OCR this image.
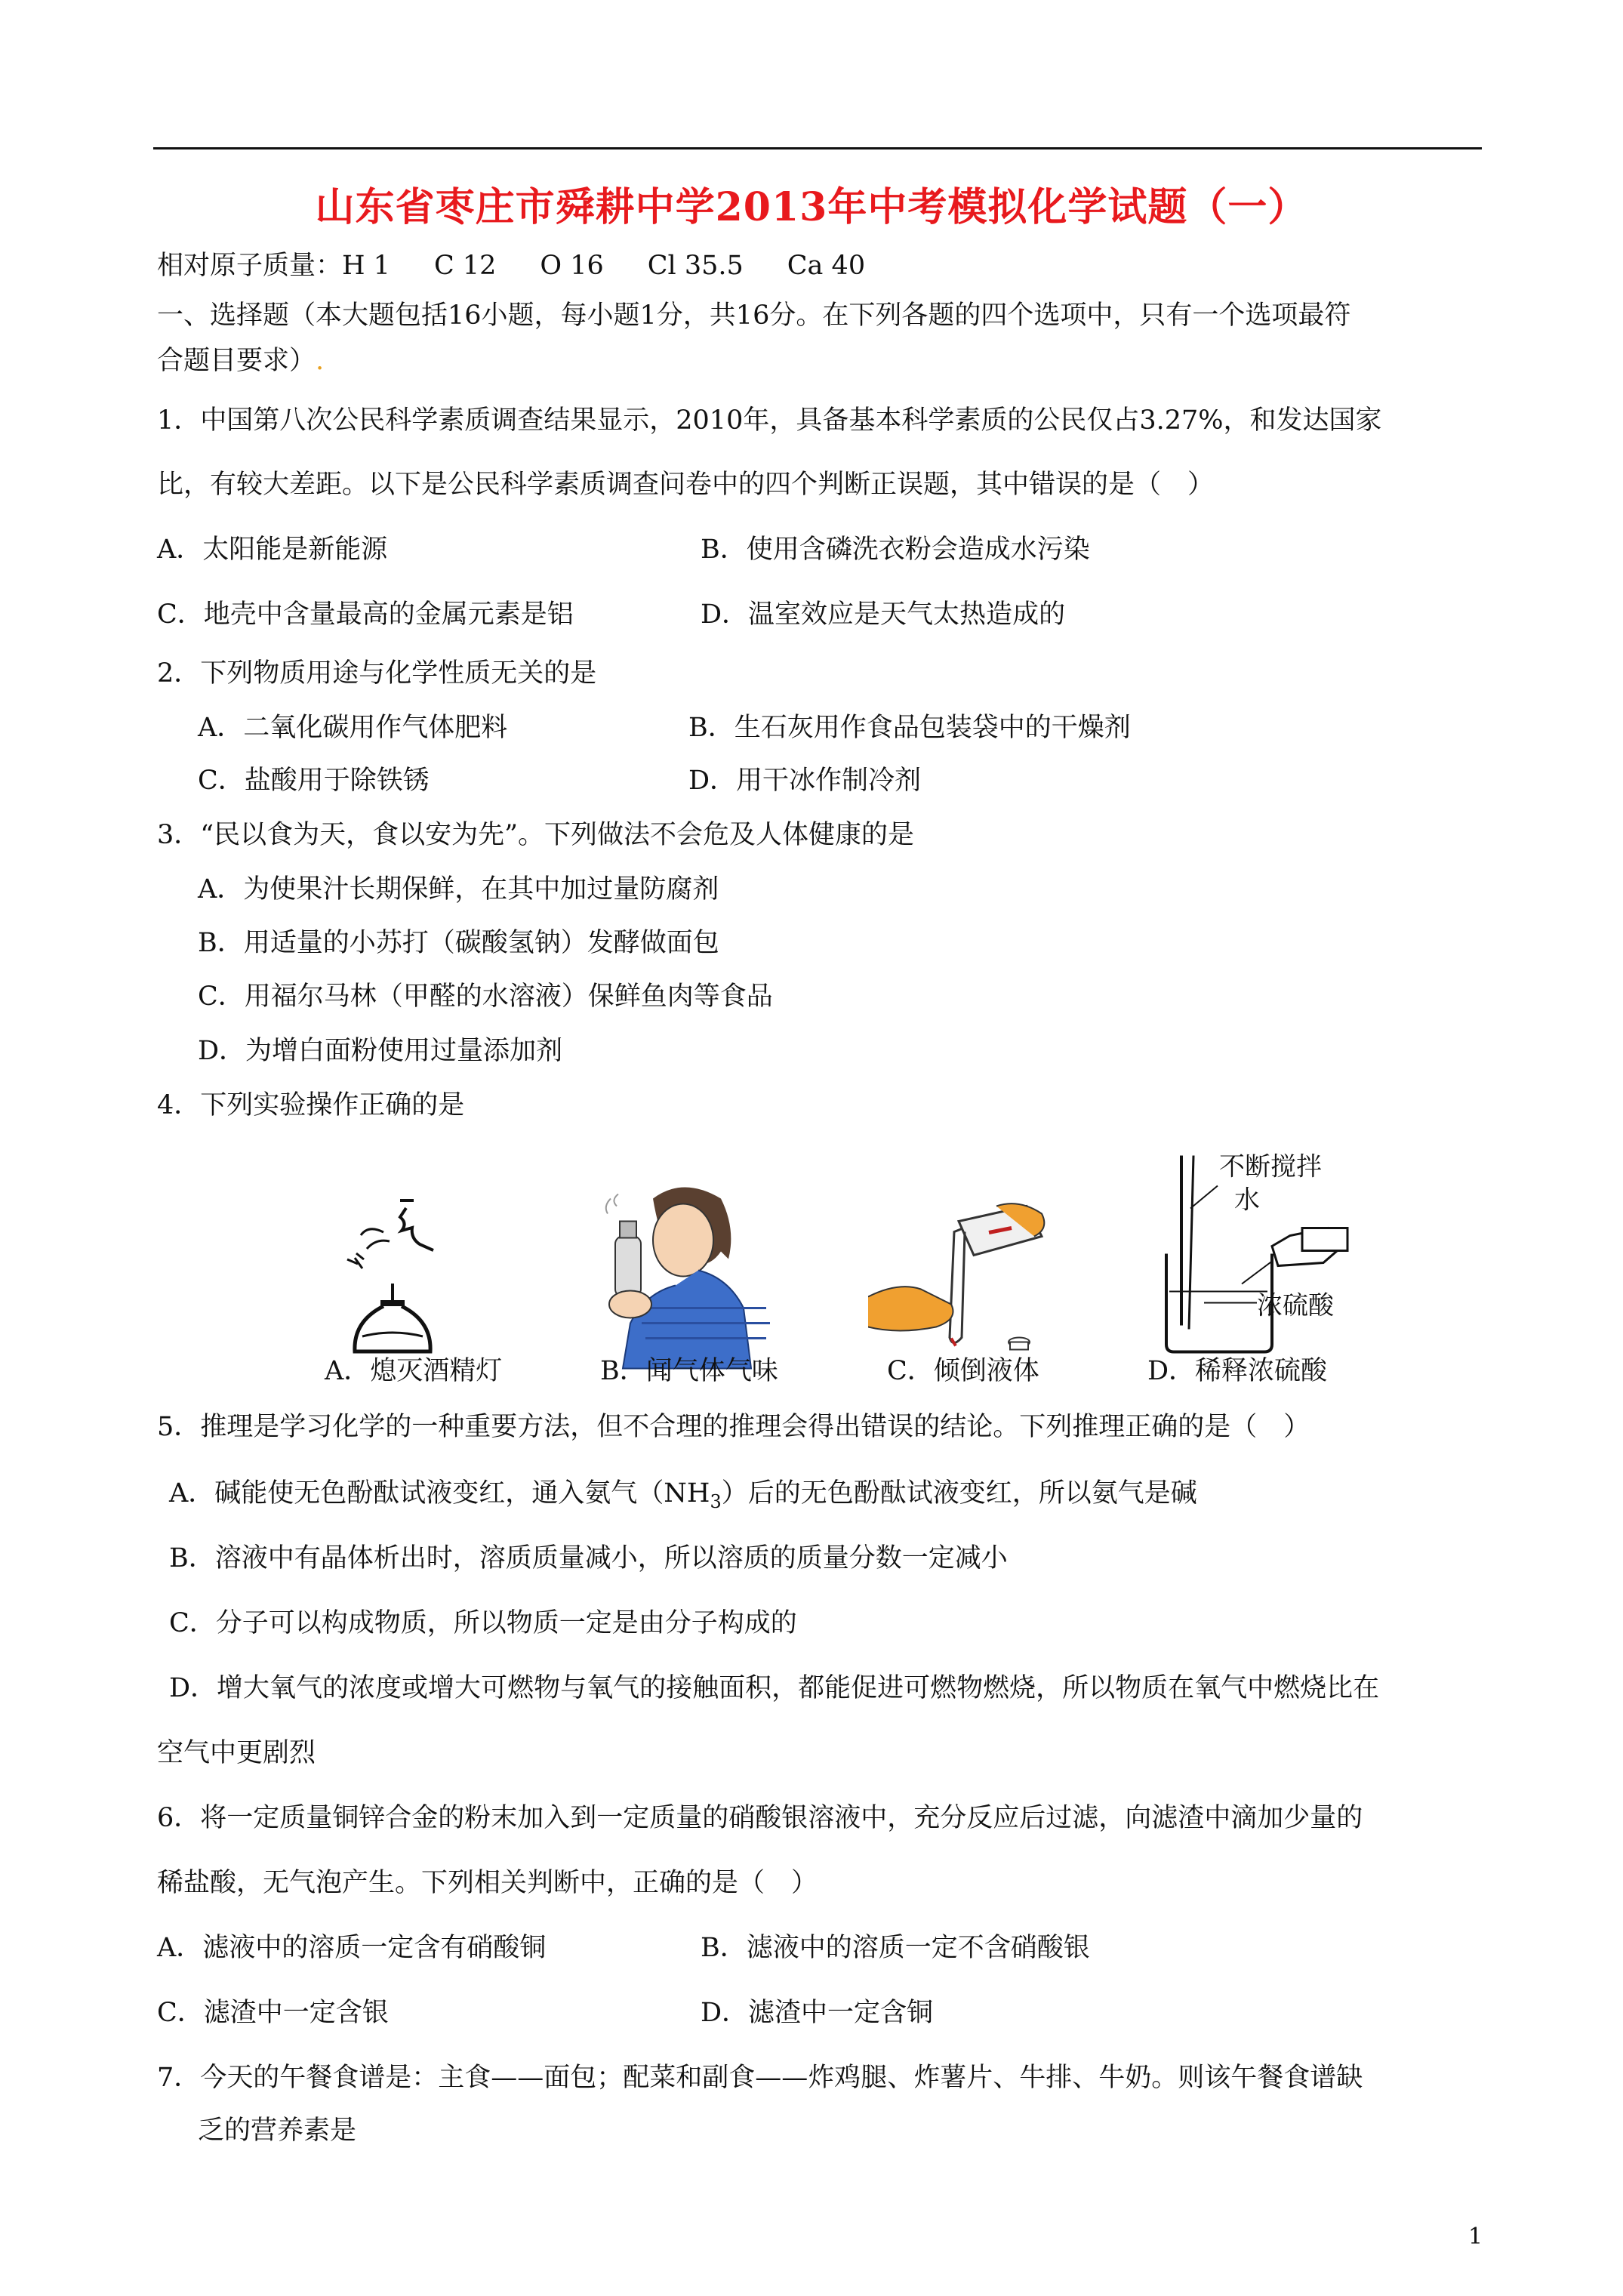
山东省枣庄市舜耕中学2013年中考模拟化学试题（一）
相对原子质量：H 1 C 12 O 16 Cl 35.5 Ca 40
一、选择题（本大题包括16小题，每小题1分，共16分。在下列各题的四个选项中，只有一个选项最符
合题目要求）.
1．中国第八次公民科学素质调查结果显示，2010年，具备基本科学素质的公民仅占3.27%，和发达国家
比，有较大差距。以下是公民科学素质调查问卷中的四个判断正误题，其中错误的是（　）
A．太阳能是新能源	B．使用含磷洗衣粉会造成水污染
C．地壳中含量最高的金属元素是铝	D．温室效应是天气太热造成的
2．下列物质用途与化学性质无关的是
A．二氧化碳用作气体肥料	B．生石灰用作食品包装袋中的干燥剂
C．盐酸用于除铁锈	D．用干冰作制冷剂
3．“民以食为天，食以安为先”。下列做法不会危及人体健康的是
A．为使果汁长期保鲜，在其中加过量防腐剂
B．用适量的小苏打（碳酸氢钠）发酵做面包
C．用福尔马林（甲醛的水溶液）保鲜鱼肉等食品
D．为增白面粉使用过量添加剂
4．下列实验操作正确的是
不断搅拌
水
浓硫酸
A．熄灭酒精灯	B．闻气体气味	C．倾倒液体	D．稀释浓硫酸
5．推理是学习化学的一种重要方法，但不合理的推理会得出错误的结论。下列推理正确的是（　）
A．碱能使无色酚酞试液变红，通入氨气$(NH_3)$后的无色酚酞试液变红，所以氨气是碱
B．溶液中有晶体析出时，溶质质量减小，所以溶质的质量分数一定减小
C．分子可以构成物质，所以物质一定是由分子构成的
D．增大氧气的浓度或增大可燃物与氧气的接触面积，都能促进可燃物燃烧，所以物质在氧气中燃烧比在
空气中更剧烈
6．将一定质量铜锌合金的粉末加入到一定质量的硝酸银溶液中，充分反应后过滤，向滤渣中滴加少量的
稀盐酸，无气泡产生。下列相关判断中，正确的是（　）
A．滤液中的溶质一定含有硝酸铜	B．滤液中的溶质一定不含硝酸银
C．滤渣中一定含银	D．滤渣中一定含铜
7．今天的午餐食谱是：主食——面包；配菜和副食——炸鸡腿、炸薯片、牛排、牛奶。则该午餐食谱缺
乏的营养素是
1
